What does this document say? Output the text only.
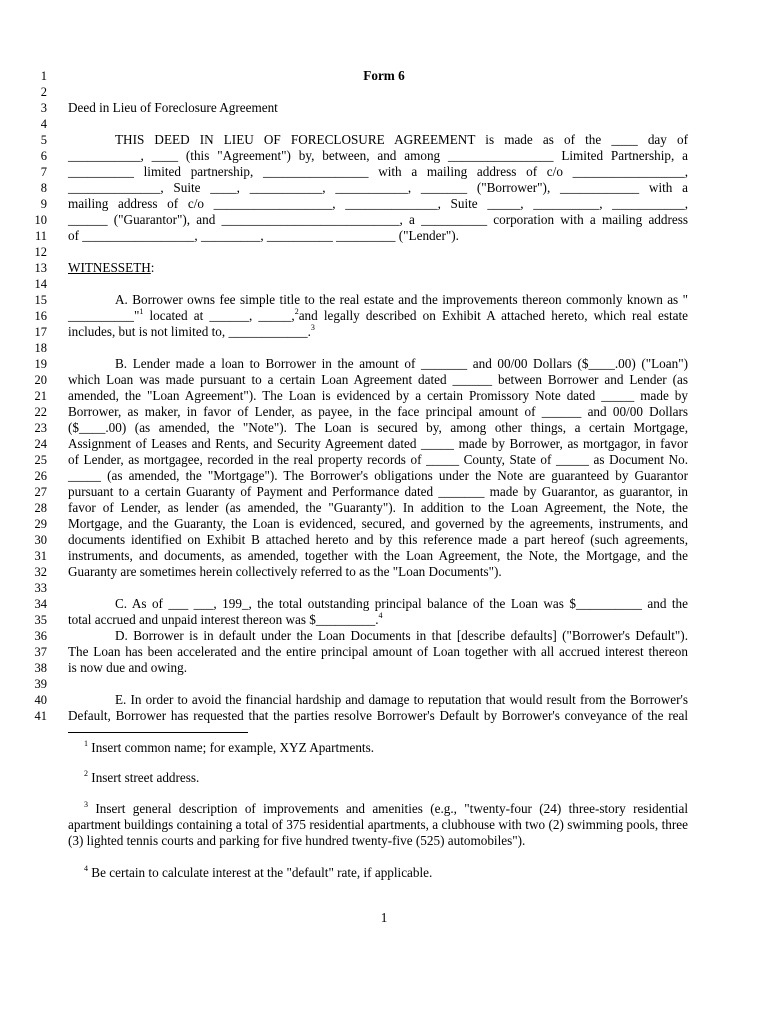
1
2
3
4
5
6
7
8
9
10
11
12
13
14
15
16
17
18
19
20
21
22
23
24
25
26
27
28
29
30
31
32
33
34
35
36
37
38
39
40
41
Form 6
Deed in Lieu of Foreclosure Agreement
THIS DEED IN LIEU OF FORECLOSURE AGREEMENT is made as of the ____ day of
___________, ____ (this "Agreement") by, between, and among ________________ Limited Partnership, a
__________ limited partnership, ________________ with a mailing address of c/o _________________,
______________, Suite ____, ___________, ___________, _______ ("Borrower"), ____________ with a
mailing address of c/o __________________, ______________, Suite _____, __________, ___________,
______ ("Guarantor"), and ___________________________, a __________ corporation with a mailing address
of _________________, _________, __________ _________ ("Lender").
WITNESSETH:
A. Borrower owns fee simple title to the real estate and the improvements thereon commonly known as "
__________"$^1$ located at ______, _____,$^2$and legally described on Exhibit A attached hereto, which real estate
includes, but is not limited to, ____________.$^3$
B. Lender made a loan to Borrower in the amount of _______ and 00/00 Dollars ($____.00) ("Loan")
which Loan was made pursuant to a certain Loan Agreement dated ______ between Borrower and Lender (as
amended, the "Loan Agreement"). The Loan is evidenced by a certain Promissory Note dated _____ made by
Borrower, as maker, in favor of Lender, as payee, in the face principal amount of ______ and 00/00 Dollars
($____.00) (as amended, the "Note"). The Loan is secured by, among other things, a certain Mortgage,
Assignment of Leases and Rents, and Security Agreement dated _____ made by Borrower, as mortgagor, in favor
of Lender, as mortgagee, recorded in the real property records of _____ County, State of _____ as Document No.
_____ (as amended, the "Mortgage"). The Borrower's obligations under the Note are guaranteed by Guarantor
pursuant to a certain Guaranty of Payment and Performance dated _______ made by Guarantor, as guarantor, in
favor of Lender, as lender (as amended, the "Guaranty"). In addition to the Loan Agreement, the Note, the
Mortgage, and the Guaranty, the Loan is evidenced, secured, and governed by the agreements, instruments, and
documents identified on Exhibit B attached hereto and by this reference made a part hereof (such agreements,
instruments, and documents, as amended, together with the Loan Agreement, the Note, the Mortgage, and the
Guaranty are sometimes herein collectively referred to as the "Loan Documents").
C. As of ___ ___, 199_, the total outstanding principal balance of the Loan was $__________ and the
total accrued and unpaid interest thereon was $_________.$^4$
D. Borrower is in default under the Loan Documents in that [describe defaults] ("Borrower's Default").
The Loan has been accelerated and the entire principal amount of Loan together with all accrued interest thereon
is now due and owing.
E. In order to avoid the financial hardship and damage to reputation that would result from the Borrower's
Default, Borrower has requested that the parties resolve Borrower's Default by Borrower's conveyance of the real
$^1$ Insert common name; for example, XYZ Apartments.
$^2$ Insert street address.
$^3$ Insert general description of improvements and amenities (e.g., "twenty-four (24) three-story residential apartment buildings containing a total of 375 residential apartments, a clubhouse with two (2) swimming pools, three (3) lighted tennis courts and parking for five hundred twenty-five (525) automobiles").
$^4$ Be certain to calculate interest at the "default" rate, if applicable.
1
